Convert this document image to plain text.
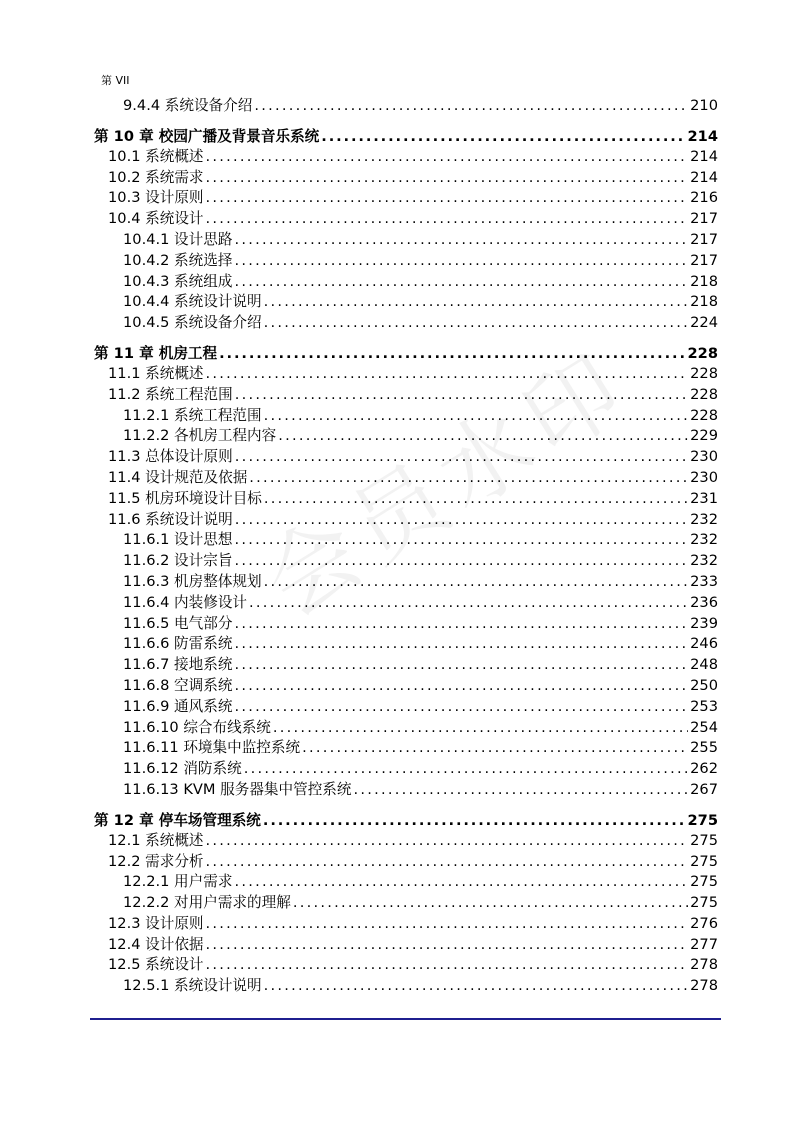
第 VII
会员水印
9.4.4 系统设备介绍 . . .	210
第 10 章 校园广播及背景音乐系统 . . .	214
10.1 系统概述 . . .	214
10.2 系统需求 . . .	214
10.3 设计原则 . . .	216
10.4 系统设计 . . .	217
10.4.1 设计思路 . . .	217
10.4.2 系统选择 . . .	217
10.4.3 系统组成 . . .	218
10.4.4 系统设计说明 . . .	218
10.4.5 系统设备介绍 . . .	224
第 11 章 机房工程 . . .	228
11.1 系统概述 . . .	228
11.2 系统工程范围 . . .	228
11.2.1 系统工程范围 . . .	228
11.2.2 各机房工程内容 . . .	229
11.3 总体设计原则 . . .	230
11.4 设计规范及依据 . . .	230
11.5 机房环境设计目标 . . .	231
11.6 系统设计说明 . . .	232
11.6.1 设计思想 . . .	232
11.6.2 设计宗旨 . . .	232
11.6.3 机房整体规划 . . .	233
11.6.4 内装修设计 . . .	236
11.6.5 电气部分 . . .	239
11.6.6 防雷系统 . . .	246
11.6.7 接地系统 . . .	248
11.6.8 空调系统 . . .	250
11.6.9 通风系统 . . .	253
11.6.10 综合布线系统 . . .	254
11.6.11 环境集中监控系统 . . .	255
11.6.12 消防系统 . . .	262
11.6.13 KVM 服务器集中管控系统 . . .	267
第 12 章 停车场管理系统 . . .	275
12.1 系统概述 . . .	275
12.2 需求分析 . . .	275
12.2.1 用户需求 . . .	275
12.2.2 对用户需求的理解 . . .	275
12.3 设计原则 . . .	276
12.4 设计依据 . . .	277
12.5 系统设计 . . .	278
12.5.1 系统设计说明 . . .	278
